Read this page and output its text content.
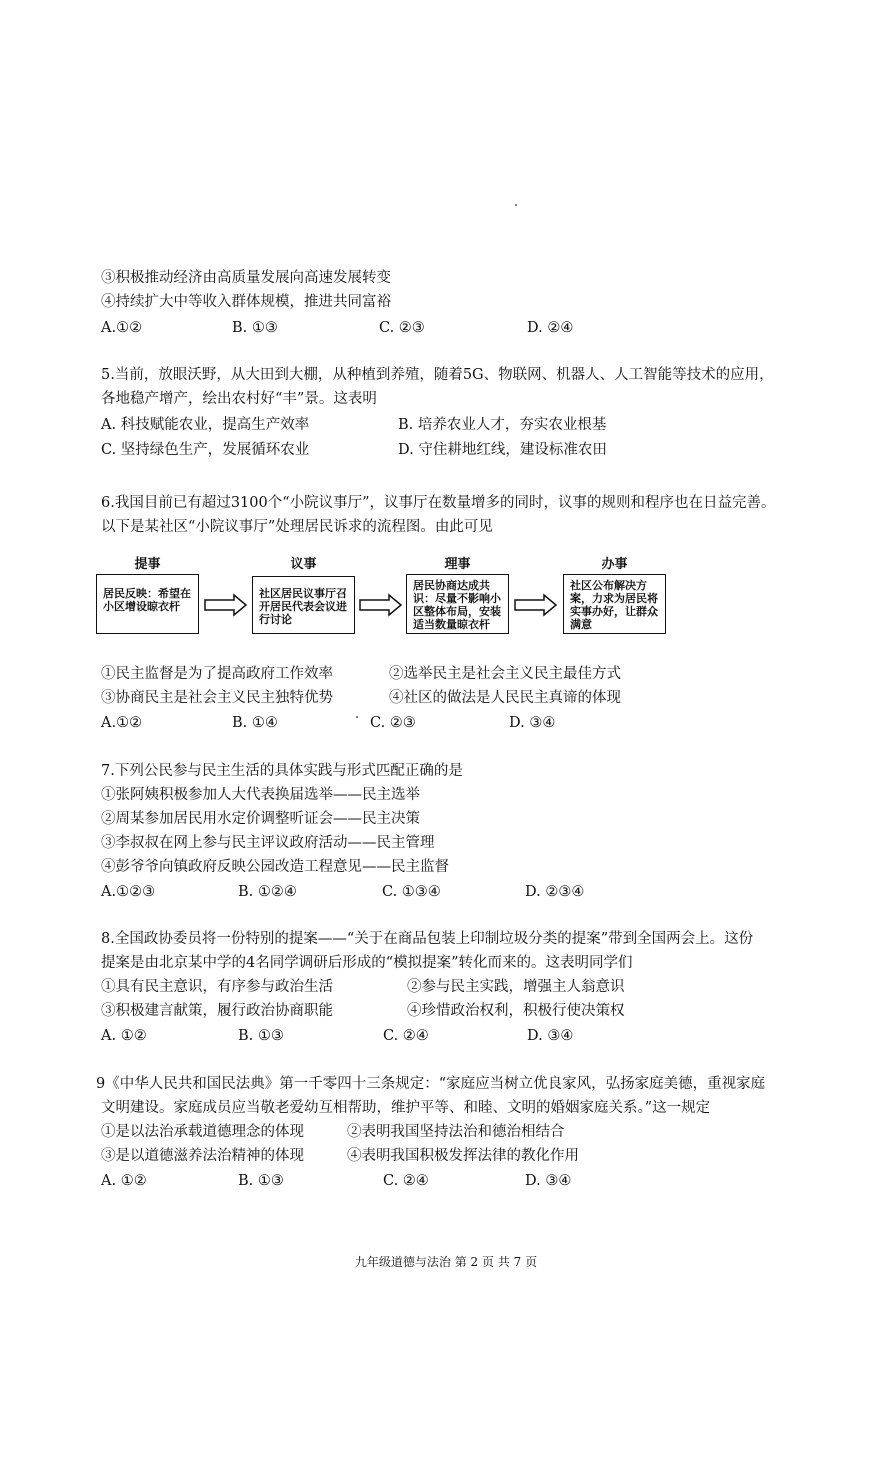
③积极推动经济由高质量发展向高速发展转变
④持续扩大中等收入群体规模，推进共同富裕
A.①②	B. ①③	C. ②③	D. ②④
5.当前，放眼沃野，从大田到大棚，从种植到养殖，随着5G、物联网、机器人、人工智能等技术的应用，
各地稳产增产，绘出农村好“丰”景。这表明
A. 科技赋能农业，提高生产效率	B. 培养农业人才，夯实农业根基
C. 坚持绿色生产，发展循环农业	D. 守住耕地红线，建设标准农田
6.我国目前已有超过3100个“小院议事厅”，议事厅在数量增多的同时，议事的规则和程序也在日益完善。
以下是某社区“小院议事厅”处理居民诉求的流程图。由此可见
提事	议事	理事	办事
居民反映：希望在小区增设晾衣杆
社区居民议事厅召开居民代表会议进行讨论
居民协商达成共识：尽量不影响小区整体布局，安装适当数量晾衣杆
社区公布解决方案，力求为居民将实事办好，让群众满意
①民主监督是为了提高政府工作效率	②选举民主是社会主义民主最佳方式
③协商民主是社会主义民主独特优势	④社区的做法是人民民主真谛的体现
A.①②	B. ①④	C. ②③	D. ③④
7.下列公民参与民主生活的具体实践与形式匹配正确的是
①张阿姨积极参加人大代表换届选举——民主选举
②周某参加居民用水定价调整听证会——民主决策
③李叔叔在网上参与民主评议政府活动——民主管理
④彭爷爷向镇政府反映公园改造工程意见——民主监督
A.①②③	B. ①②④	C. ①③④	D. ②③④
8.全国政协委员将一份特别的提案——“关于在商品包装上印制垃圾分类的提案”带到全国两会上。这份
提案是由北京某中学的4名同学调研后形成的“模拟提案”转化而来的。这表明同学们
①具有民主意识，有序参与政治生活	②参与民主实践，增强主人翁意识
③积极建言献策，履行政治协商职能	④珍惜政治权利，积极行使决策权
A. ①②	B. ①③	C. ②④	D. ③④
9《中华人民共和国民法典》第一千零四十三条规定：“家庭应当树立优良家风，弘扬家庭美德，重视家庭
文明建设。家庭成员应当敬老爱幼互相帮助，维护平等、和睦、文明的婚姻家庭关系。”这一规定
①是以法治承载道德理念的体现	②表明我国坚持法治和德治相结合
③是以道德滋养法治精神的体现	④表明我国积极发挥法律的教化作用
A. ①②	B. ①③	C. ②④	D. ③④
九年级道德与法治 第 2 页 共 7 页
